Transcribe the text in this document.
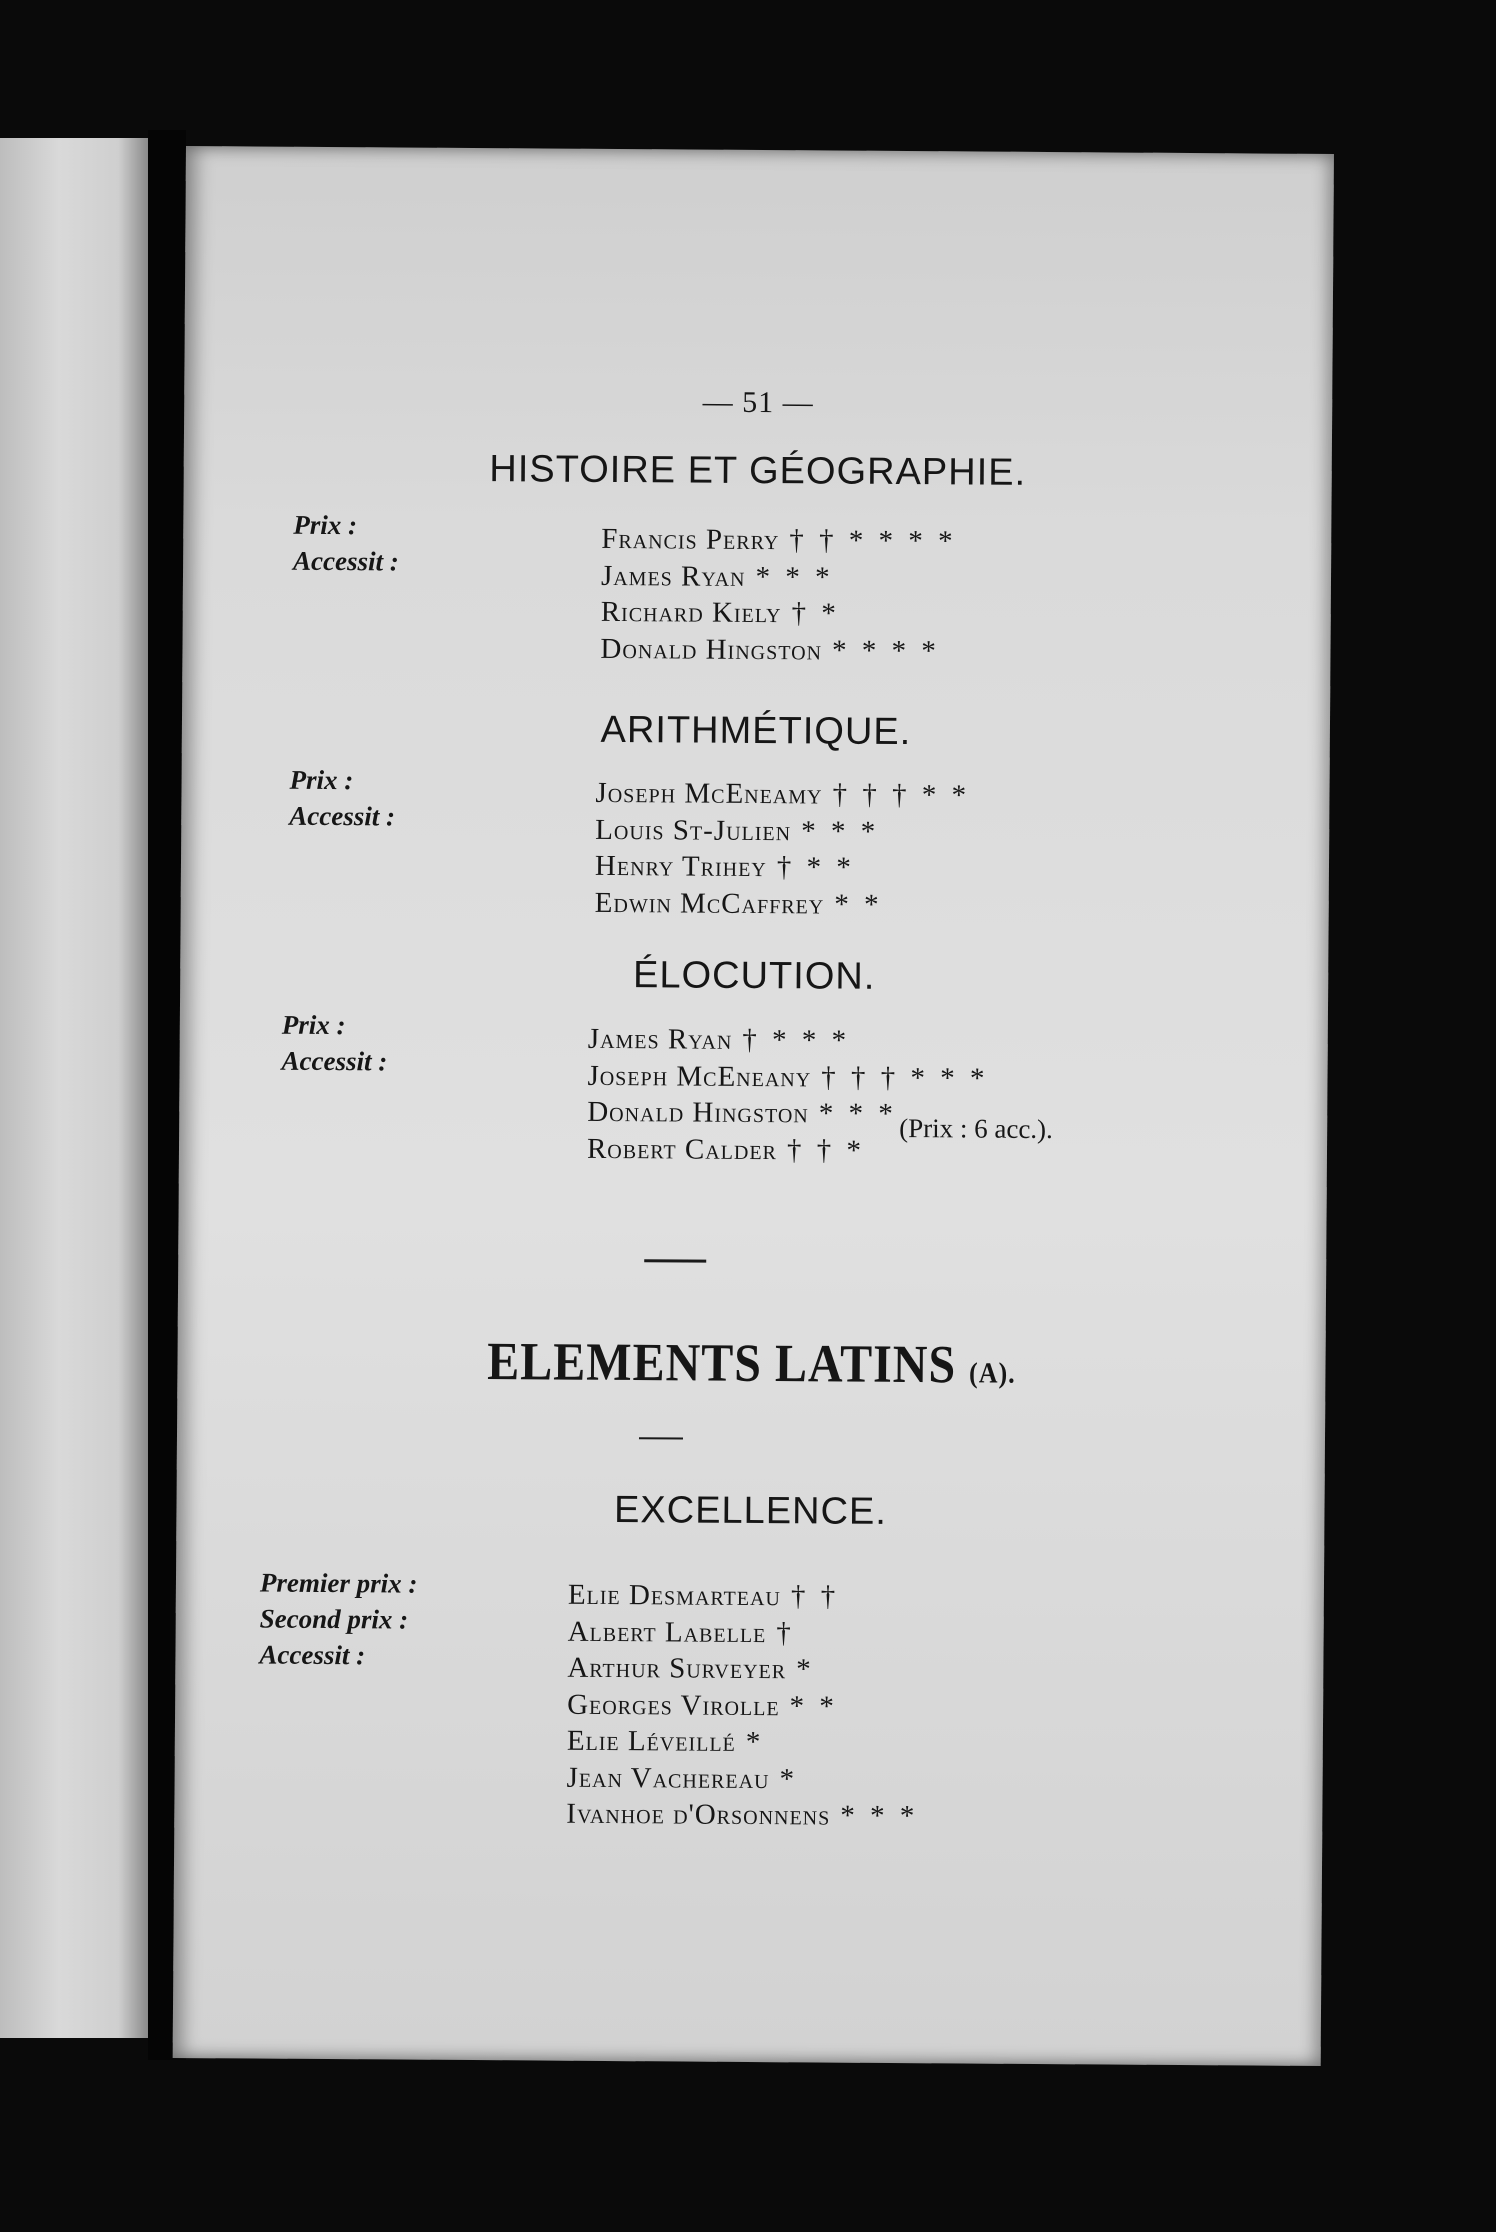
— 51 —
HISTOIRE ET GÉOGRAPHIE.
Prix :
Accessit :
Francis Perry † † * * * *
James Ryan * * *
Richard Kiely † *
Donald Hingston * * * *
ARITHMÉTIQUE.
Prix :
Accessit :
Joseph McEneamy † † † * *
Louis St-Julien * * *
Henry Trihey † * *
Edwin McCaffrey * *
ÉLOCUTION.
Prix :
Accessit :
James Ryan † * * *
Joseph McEneany † † † * * *
Donald Hingston * * *
Robert Calder † † *
(Prix : 6 acc.).
ELEMENTS LATINS (A).
EXCELLENCE.
Premier prix :
Second prix :
Accessit :
Elie Desmarteau † †
Albert Labelle †
Arthur Surveyer *
Georges Virolle * *
Elie Léveillé *
Jean Vachereau *
Ivanhoe d'Orsonnens * * *
